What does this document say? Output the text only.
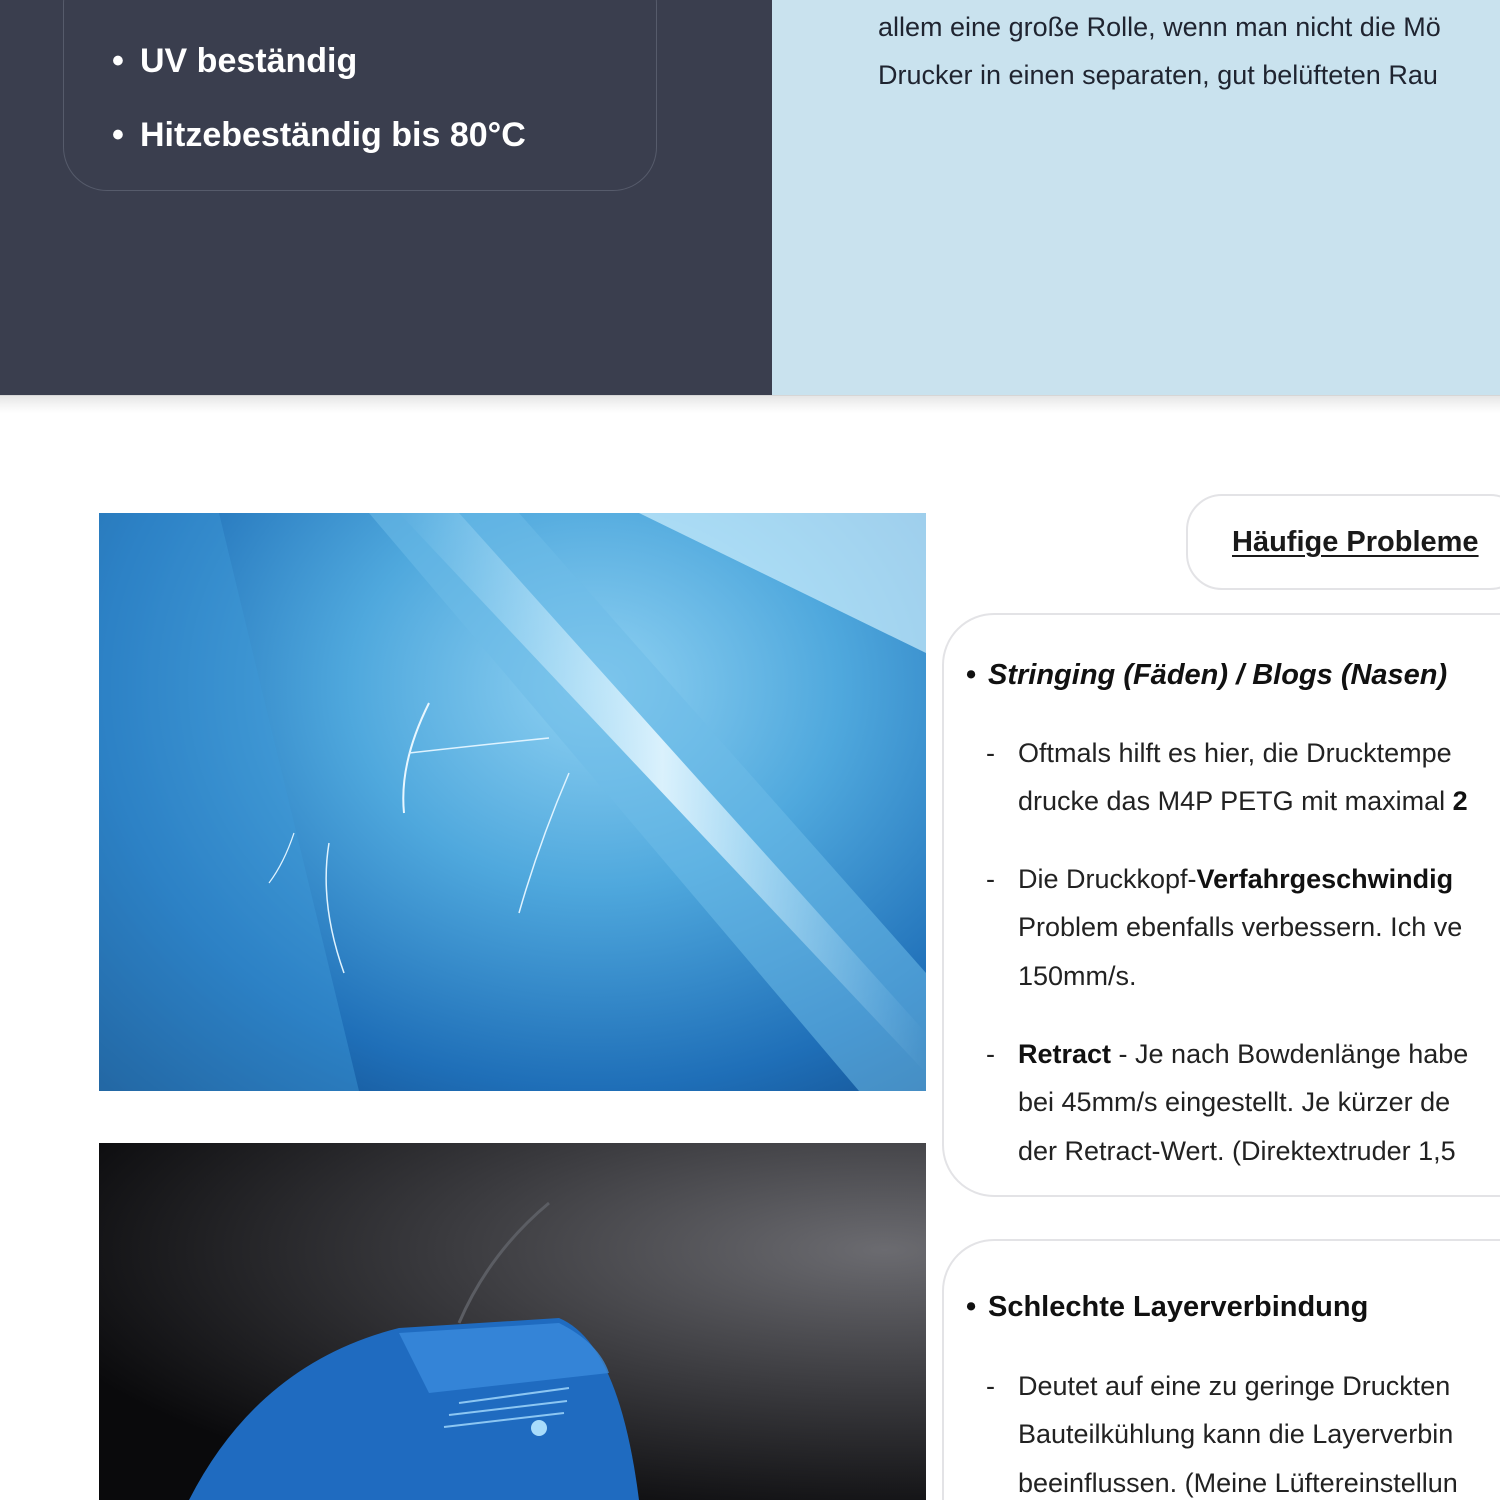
• UV beständig
• Hitzebeständig bis 80°C
allem eine große Rolle, wenn man nicht die Mö
Drucker in einen separaten, gut belüfteten Rau
Häufige Probleme
• Stringing (Fäden) / Blogs (Nasen)
- Oftmals hilft es hier, die Drucktempe
drucke das M4P PETG mit maximal 2
- Die Druckkopf-Verfahrgeschwindig
Problem ebenfalls verbessern. Ich ve
150mm/s.
- Retract - Je nach Bowdenlänge habe
bei 45mm/s eingestellt. Je kürzer de
der Retract-Wert. (Direktextruder 1,5
• Schlechte Layerverbindung
- Deutet auf eine zu geringe Druckten
Bauteilkühlung kann die Layerverbin
beeinflussen. (Meine Lüftereinstellun
